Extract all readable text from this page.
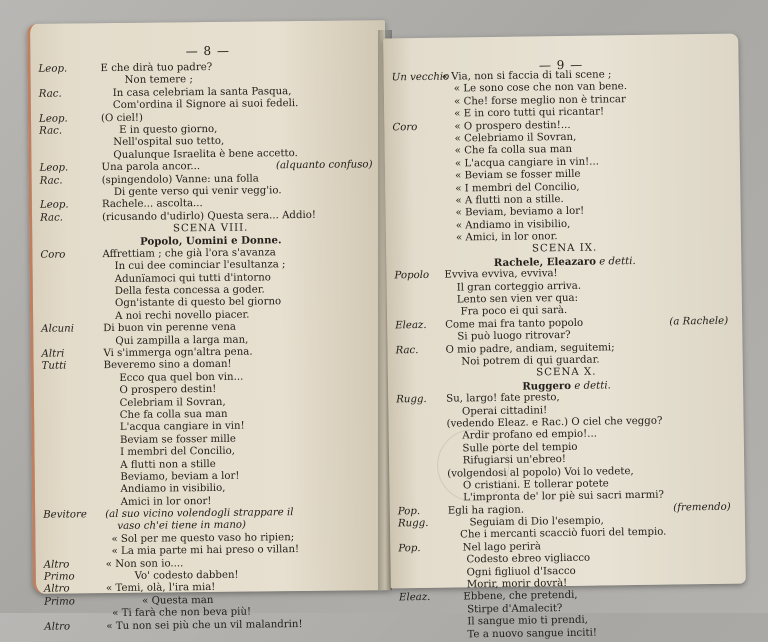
— 8 —
Leop.	E che dirà tuo padre?
Non temere ;
Rac.	In casa celebriam la santa Pasqua,
Com'ordina il Signore ai suoi fedeli.
Leop.	(O ciel!)
Rac.	E in questo giorno,
Nell'ospital suo tetto,
Qualunque Israelita è bene accetto.
Leop.	Una parola ancor...	(alquanto confuso)
Rac.	(spingendolo) Vanne: una folla
Di gente verso qui venir vegg'io.
Leop.	Rachele... ascolta...
Rac.	(ricusando d'udirlo) Questa sera... Addio!
SCENA VIII.
Popolo, Uomini e Donne.
Coro	Affrettiam ; che già l'ora s'avanza
In cui dee cominciar l'esultanza ;
Adunïamoci qui tutti d'intorno
Della festa concessa a goder.
Ogn'istante di questo bel giorno
A noi rechi novello piacer.
Alcuni	Di buon vin perenne vena
Qui zampilla a larga man,
Altri	Vi s'immerga ogn'altra pena.
Tutti	Beveremo sino a doman!
Ecco qua quel bon vin...
O prospero destin!
Celebriam il Sovran,
Che fa colla sua man
L'acqua cangiare in vin!
Beviam se fosser mille
I membri del Concilio,
A flutti non a stille
Beviamo, beviam a lor!
Andiamo in visibilio,
Amici in lor onor!
Bevitore (al suo vicino volendogli strappare il
vaso ch'ei tiene in mano)
« Sol per me questo vaso ho ripien;
« La mia parte mi hai preso o villan!
Altro	« Non son io....
Primo	Vo' codesto dabben!
Altro	« Temi, olà, l'ira mia!
Primo	« Questa man
« Ti farà che non beva più!
Altro	« Tu non sei più che un vil malandrin!
— 9 —
Un vecchio
« Via, non si faccia di tali scene ;
« Le sono cose che non van bene.
« Che! forse meglio non è trincar
« E in coro tutti qui ricantar!
Coro	« O prospero destin!...
« Celebriamo il Sovran,
« Che fa colla sua man
« L'acqua cangiare in vin!...
« Beviam se fosser mille
« I membri del Concilio,
« A flutti non a stille.
« Beviam, beviamo a lor!
« Andiamo in visibilio,
« Amici, in lor onor.
SCENA IX.
Rachele, Eleazaro e detti.
Popolo Evviva evviva, evviva!
Il gran corteggio arriva.
Lento sen vien ver qua:
Fra poco ei qui sarà.
Eleaz. Come mai fra tanto popolo	(a Rachele)
Si può luogo ritrovar?
Rac.	O mio padre, andiam, seguitemi;
Noi potrem di qui guardar.
SCENA X.
Ruggero e detti.
Rugg. Su, largo! fate presto,
Operai cittadini!
(vedendo Eleaz. e Rac.) O ciel che veggo?
Ardir profano ed empio!...
Sulle porte del tempio
Rifugiarsi un'ebreo!
(volgendosi al popolo) Voi lo vedete,
O cristiani. E tollerar potete
L'impronta de' lor piè sui sacri marmi?
Pop.	Egli ha ragion.	(fremendo)
Rugg.	Seguiam di Dio l'esempio,
Che i mercanti scacciò fuori del tempio.
Pop.	Nel lago perirà
Codesto ebreo vigliacco
Ogni figliuol d'Isacco
Morir, morir dovrà!
Eleaz.	Ebbene, che pretendi,
Stirpe d'Amalecit?
Il sangue mio ti prendi,
Te a nuovo sangue inciti!
